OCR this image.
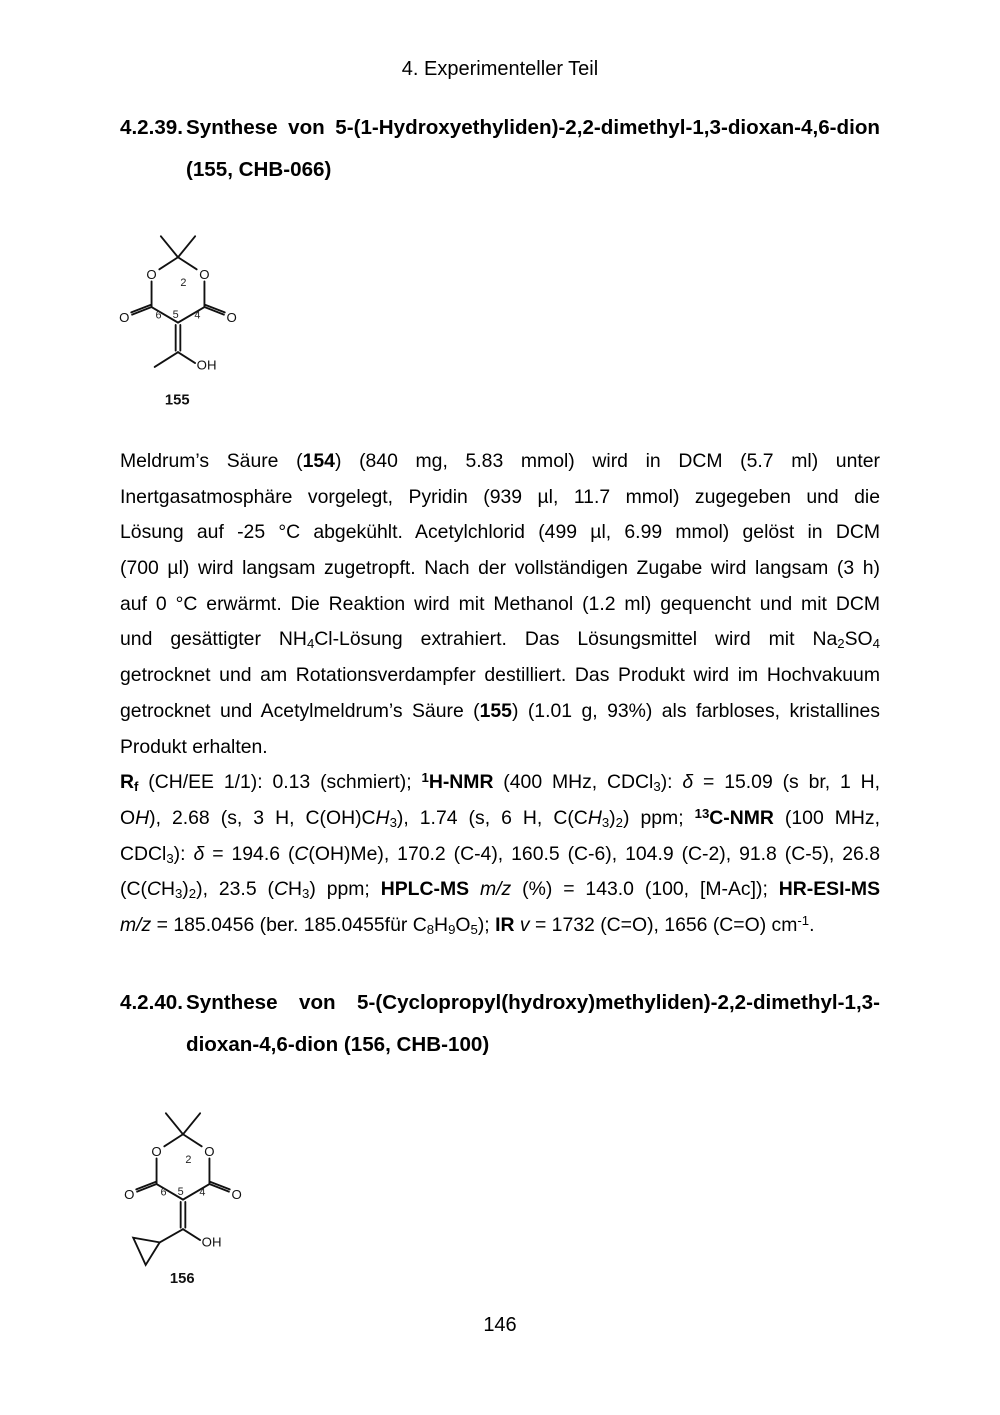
4. Experimenteller Teil
4.2.39. Synthese von 5-(1-Hydroxyethyliden)-2,2-dimethyl-1,3-dioxan-4,6-dion
(155, CHB-066)
O	O
O	O
OH
2
6 5 4
155
Meldrum’s Säure (154) (840 mg, 5.83 mmol) wird in DCM (5.7 ml) unter
Inertgasatmosphäre vorgelegt, Pyridin (939 µl, 11.7 mmol) zugegeben und die
Lösung auf -25 °C abgekühlt. Acetylchlorid (499 µl, 6.99 mmol) gelöst in DCM
(700 µl) wird langsam zugetropft. Nach der vollständigen Zugabe wird langsam (3 h)
auf 0 °C erwärmt. Die Reaktion wird mit Methanol (1.2 ml) gequencht und mit DCM
und gesättigter $NH_4Cl$-Lösung extrahiert. Das Lösungsmittel wird mit $Na_2SO_4$
getrocknet und am Rotationsverdampfer destilliert. Das Produkt wird im Hochvakuum
getrocknet und Acetylmeldrum’s Säure (155) (1.01 g, 93%) als farbloses, kristallines
Produkt erhalten.
$R_f$ (CH/EE 1/1): 0.13 (schmiert); $^1$H-NMR (400 MHz, CDCl$_3$): δ = 15.09 (s br, 1 H,
OH), 2.68 (s, 3 H, $C(OH)CH_3$), 1.74 (s, 6 H, $C(CH_3)_2$) ppm; $^{13}$C-NMR (100 MHz,
CDCl$_3$): δ = 194.6 (C(OH)Me), 170.2 (C-4), 160.5 (C-6), 104.9 (C-2), 91.8 (C-5), 26.8
$(C(CH_3)_2)$, 23.5 $(CH_3)$ ppm; HPLC-MS m/z (%) = 143.0 (100, [M-Ac]); HR-ESI-MS
m/z = 185.0456 (ber. 185.0455für $C_8H_9O_5$); IR v = 1732 (C=O), 1656 (C=O) $cm^{-1}$.
4.2.40. Synthese von 5-(Cyclopropyl(hydroxy)methyliden)-2,2-dimethyl-1,3-
dioxan-4,6-dion (156, CHB-100)
O	O
O	O
OH
2
6 5 4
156
146
